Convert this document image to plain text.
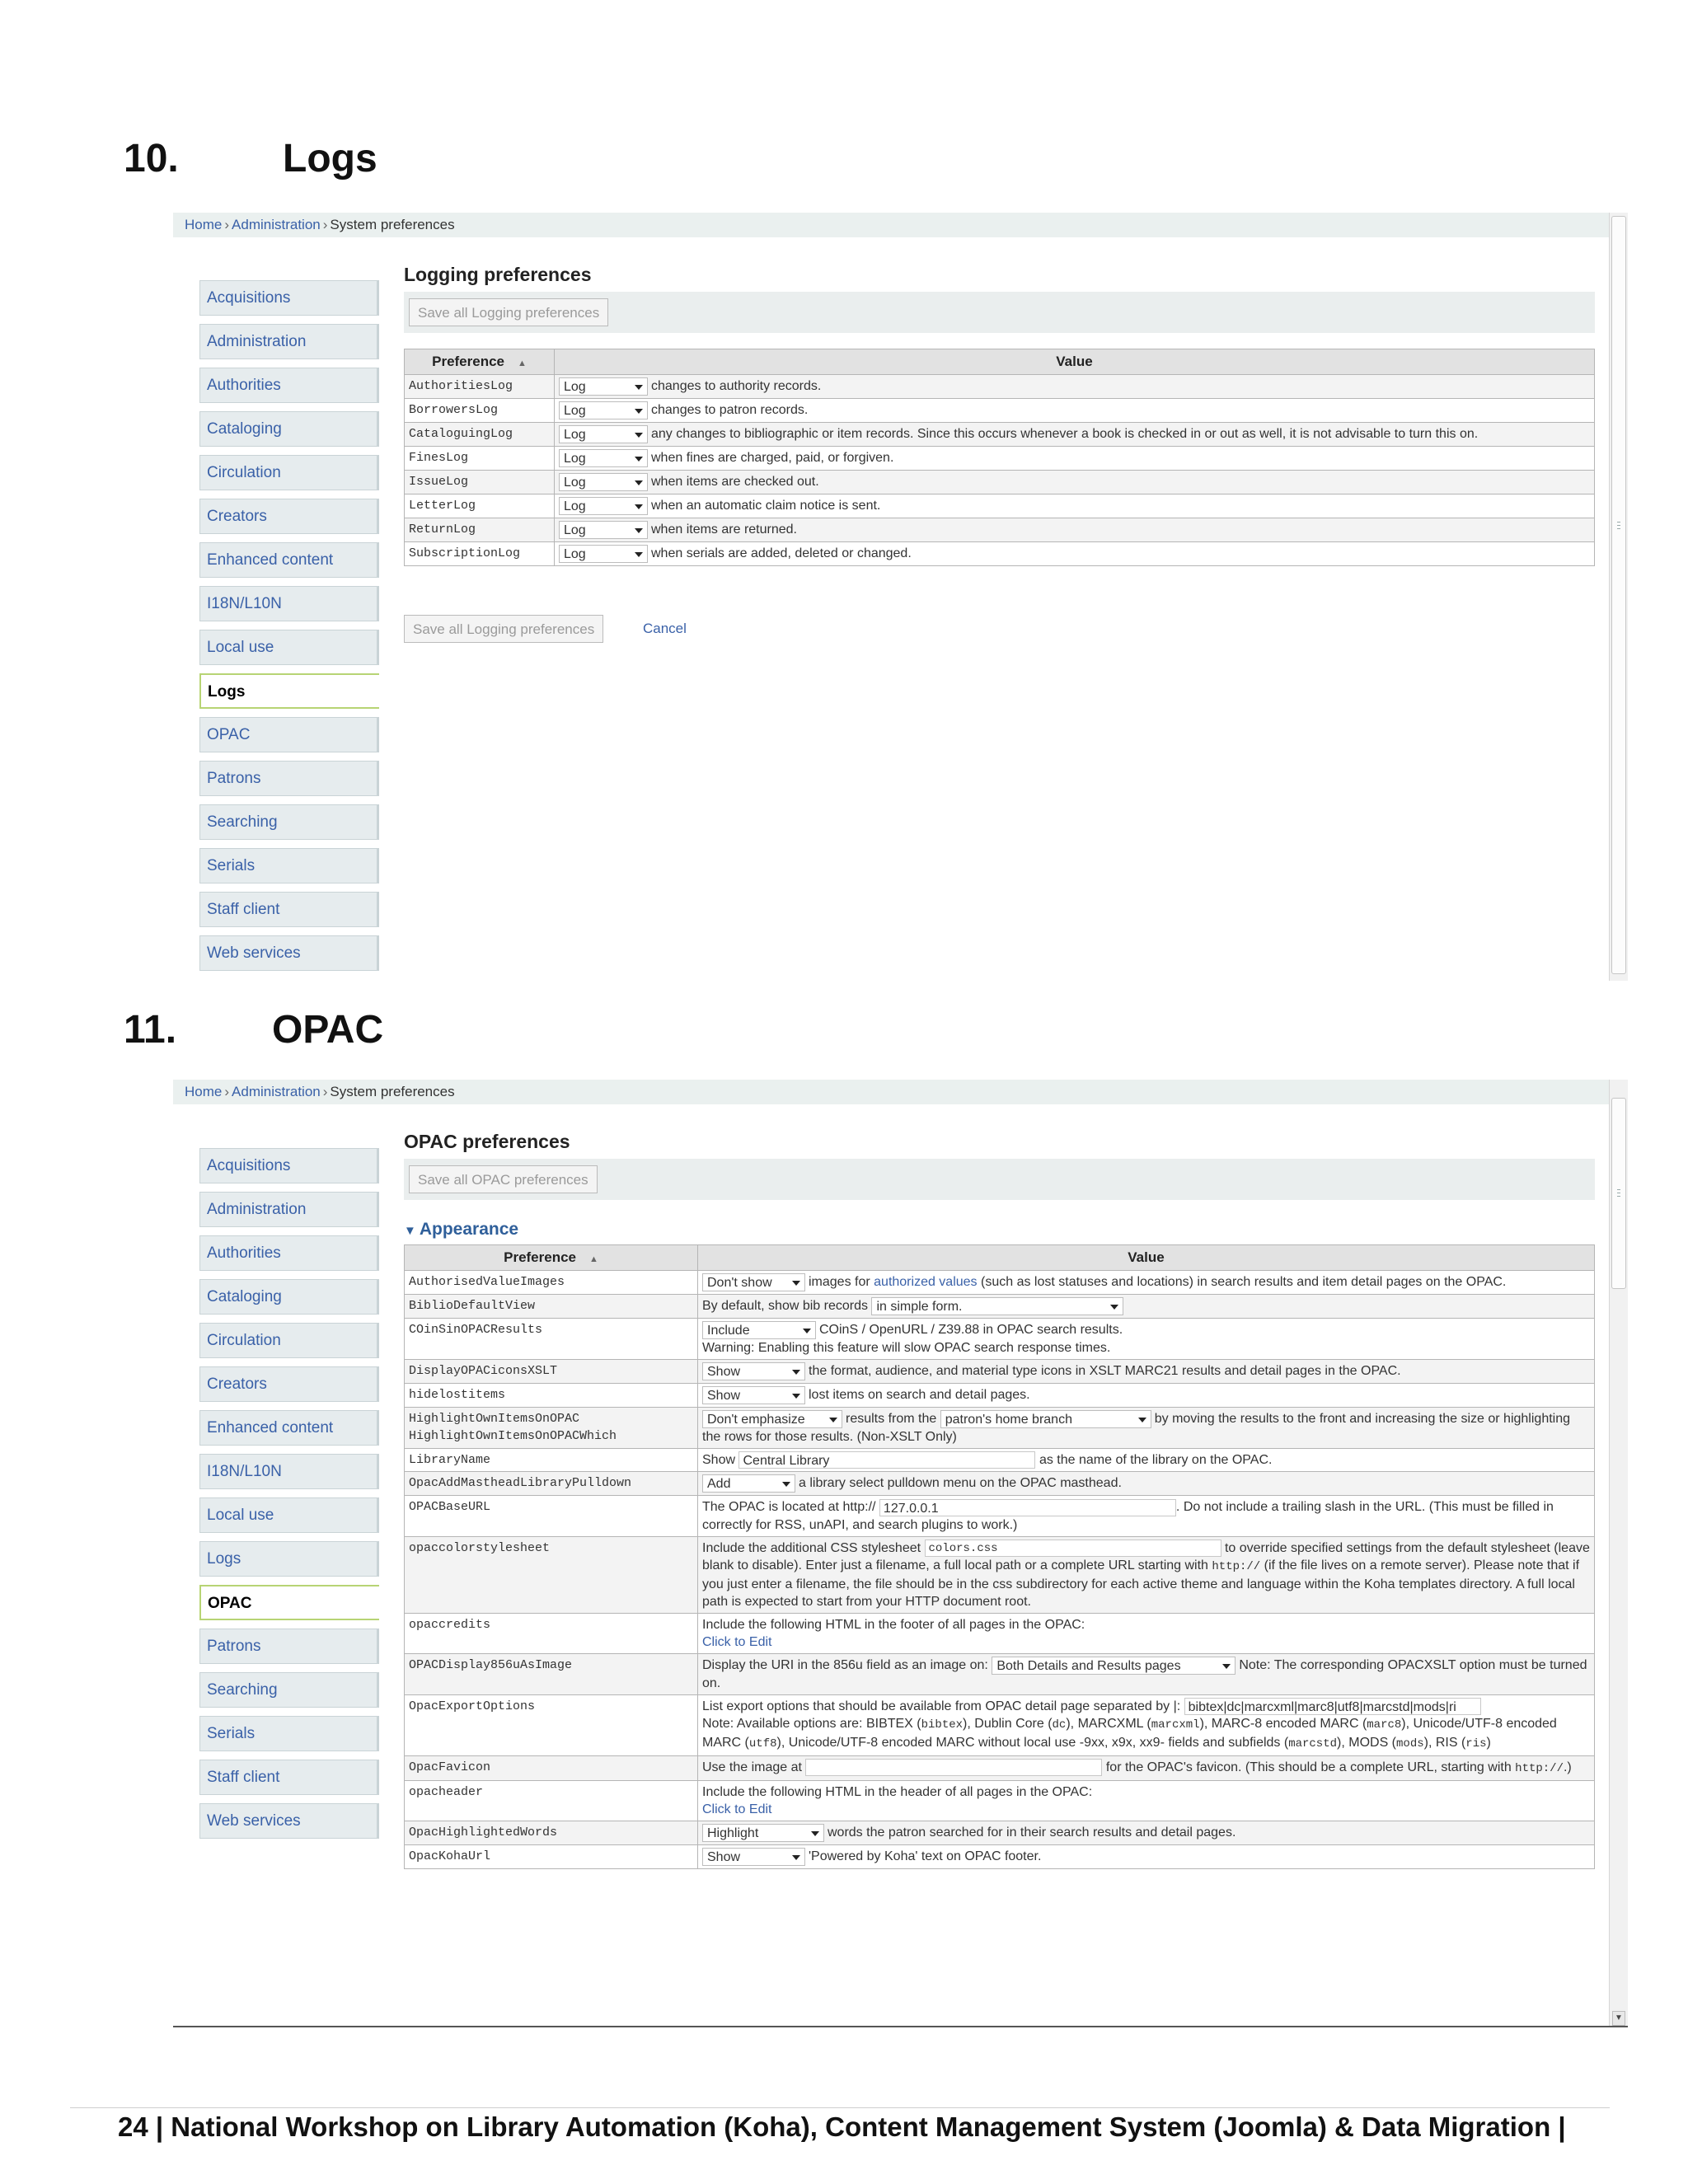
10.	Logs
Home › Administration › System preferences
Acquisitions
Administration
Authorities
Cataloging
Circulation
Creators
Enhanced content
I18N/L10N
Local use
Logs
OPAC
Patrons
Searching
Serials
Staff client
Web services
Logging preferences
Save all Logging preferences
Preference ▲	Value
AuthoritiesLog	Log changes to authority records.
BorrowersLog	Log changes to patron records.
CataloguingLog	Log any changes to bibliographic or item records. Since this occurs whenever a book is checked in or out as well, it is not advisable to turn this on.
FinesLog	Log when fines are charged, paid, or forgiven.
IssueLog	Log when items are checked out.
LetterLog	Log when an automatic claim notice is sent.
ReturnLog	Log when items are returned.
SubscriptionLog	Log when serials are added, deleted or changed.
Save all Logging preferences	Cancel
11. OPAC
Home › Administration › System preferences
▼
Acquisitions
Administration
Authorities
Cataloging
Circulation
Creators
Enhanced content
I18N/L10N
Local use
Logs
OPAC
Patrons
Searching
Serials
Staff client
Web services
OPAC preferences
Save all OPAC preferences
▼ Appearance
Preference ▲	Value
AuthorisedValueImages	Don't show images for authorized values (such as lost statuses and locations) in search results and item detail pages on the OPAC.
BiblioDefaultView	By default, show bib records in simple form.
COinSinOPACResults	Include COinS / OpenURL / Z39.88 in OPAC search results.
Warning: Enabling this feature will slow OPAC search response times.
DisplayOPACiconsXSLT	Show the format, audience, and material type icons in XSLT MARC21 results and detail pages in the OPAC.
hidelostitems	Show lost items on search and detail pages.
HighlightOwnItemsOnOPAC
HighlightOwnItemsOnOPACWhich	Don't emphasize results from the patron's home branch by moving the results to the front and increasing the size or highlighting the rows for those results. (Non-XSLT Only)
LibraryName	Show Central Library as the name of the library on the OPAC.
OpacAddMastheadLibraryPulldown	Add a library select pulldown menu on the OPAC masthead.
OPACBaseURL	The OPAC is located at http:// 127.0.0.1 . Do not include a trailing slash in the URL. (This must be filled in correctly for RSS, unAPI, and search plugins to work.)
opaccolorstylesheet	Include the additional CSS stylesheet colors.css to override specified settings from the default stylesheet (leave blank to disable). Enter just a filename, a full local path or a complete URL starting with http:// (if the file lives on a remote server). Please note that if you just enter a filename, the file should be in the css subdirectory for each active theme and language within the Koha templates directory. A full local path is expected to start from your HTTP document root.
opaccredits	Include the following HTML in the footer of all pages in the OPAC:
Click to Edit
OPACDisplay856uAsImage	Display the URI in the 856u field as an image on: Both Details and Results pages Note: The corresponding OPACXSLT option must be turned on.
OpacExportOptions	List export options that should be available from OPAC detail page separated by |: bibtex|dc|marcxml|marc8|utf8|marcstd|mods|ri
Note: Available options are: BIBTEX (bibtex), Dublin Core (dc), MARCXML (marcxml), MARC-8 encoded MARC (marc8), Unicode/UTF-8 encoded MARC (utf8), Unicode/UTF-8 encoded MARC without local use -9xx, x9x, xx9- fields and subfields (marcstd), MODS (mods), RIS (ris)
OpacFavicon	Use the image at for the OPAC's favicon. (This should be a complete URL, starting with http://.)
opacheader	Include the following HTML in the header of all pages in the OPAC:
Click to Edit
OpacHighlightedWords	Highlight words the patron searched for in their search results and detail pages.
OpacKohaUrl	Show 'Powered by Koha' text on OPAC footer.
24 | National Workshop on Library Automation (Koha), Content Management System (Joomla) & Data Migration |
